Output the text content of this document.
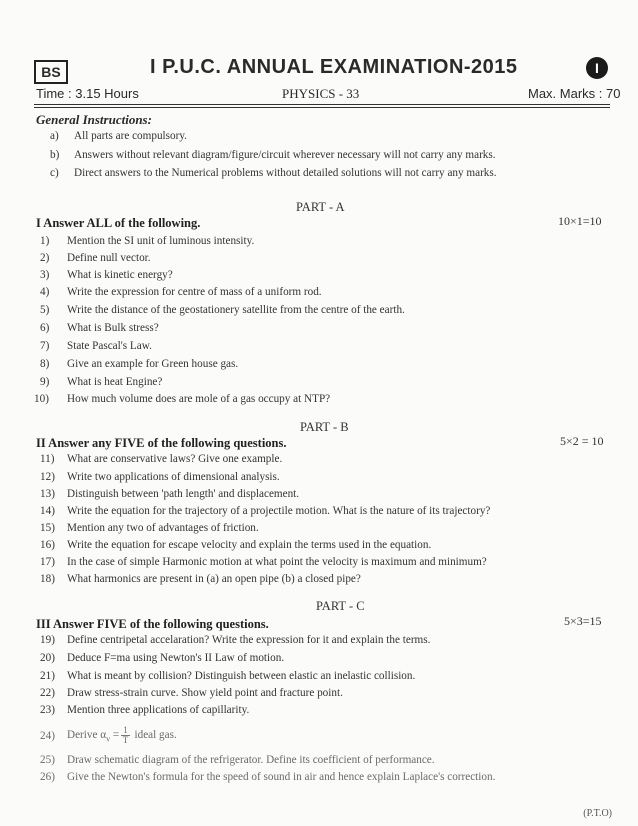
BS	I P.U.C. ANNUAL EXAMINATION-2015	I
Time : 3.15 Hours	PHYSICS - 33	Max. Marks : 70
General Instructions:
a) All parts are compulsory.
b) Answers without relevant diagram/figure/circuit wherever necessary will not carry any marks.
c) Direct answers to the Numerical problems without detailed solutions will not carry any marks.
PART - A
I Answer ALL of the following.	10×1=10
1) Mention the SI unit of luminous intensity.
2) Define null vector.
3) What is kinetic energy?
4) Write the expression for centre of mass of a uniform rod.
5) Write the distance of the geostationery satellite from the centre of the earth.
6) What is Bulk stress?
7) State Pascal's Law.
8) Give an example for Green house gas.
9) What is heat Engine?
10) How much volume does are mole of a gas occupy at NTP?
PART - B
II Answer any FIVE of the following questions.	5×2 = 10
11) What are conservative laws? Give one example.
12) Write two applications of dimensional analysis.
13) Distinguish between 'path length' and displacement.
14) Write the equation for the trajectory of a projectile motion. What is the nature of its trajectory?
15) Mention any two of advantages of friction.
16) Write the equation for escape velocity and explain the terms used in the equation.
17) In the case of simple Harmonic motion at what point the velocity is maximum and minimum?
18) What harmonics are present in (a) an open pipe (b) a closed pipe?
PART - C
III Answer FIVE of the following questions.	5×3=15
19) Define centripetal accelaration? Write the expression for it and explain the terms.
20) Deduce F=ma using Newton's II Law of motion.
21) What is meant by collision? Distinguish between elastic an inelastic collision.
22) Draw stress-strain curve. Show yield point and fracture point.
23) Mention three applications of capillarity.
24) Derive $\alpha_v = \frac{1}{T}$ ideal gas.
25) Draw schematic diagram of the refrigerator. Define its coefficient of performance.
26) Give the Newton's formula for the speed of sound in air and hence explain Laplace's correction.
(P.T.O)
